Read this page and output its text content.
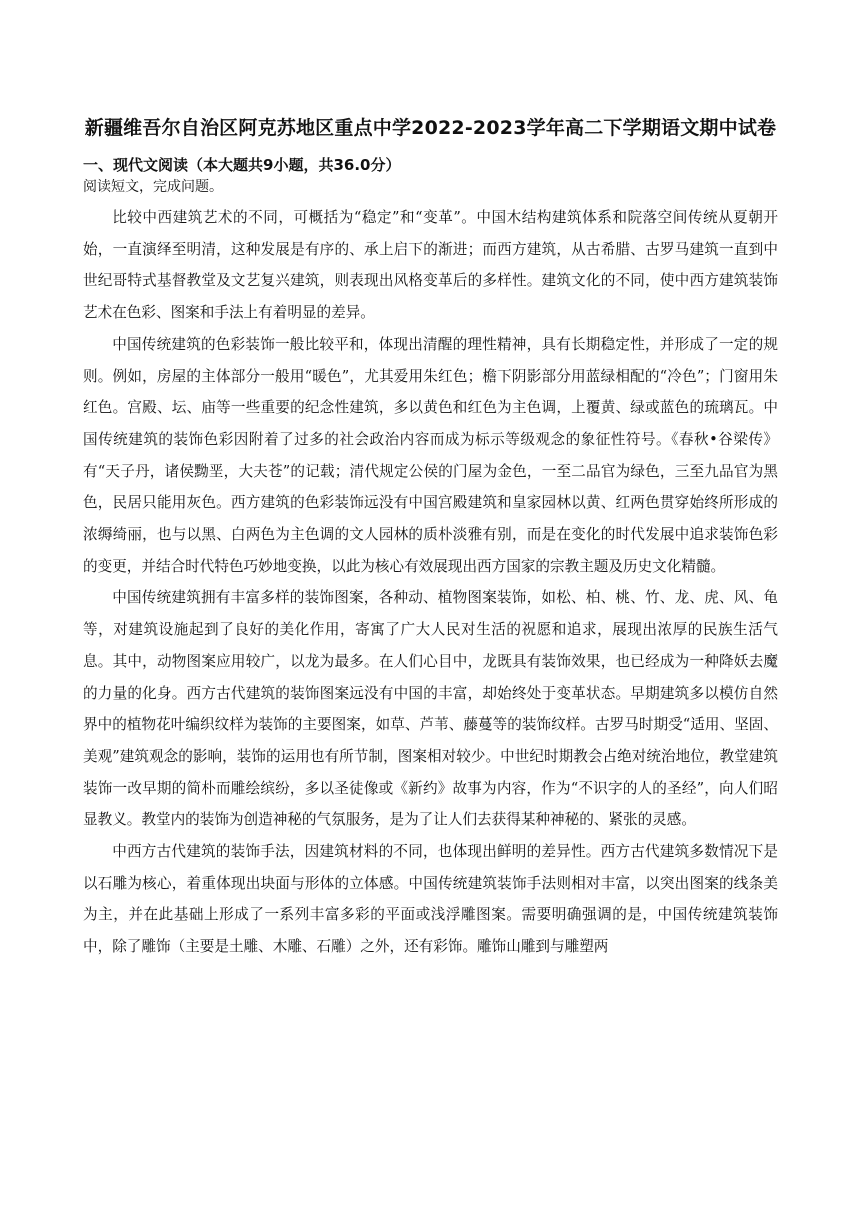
新疆维吾尔自治区阿克苏地区重点中学2022-2023学年高二下学期语文期中试卷
一、现代文阅读（本大题共9小题，共36.0分）

阅读短文，完成问题。

比较中西建筑艺术的不同，可概括为“稳定”和“变革”。中国木结构建筑体系和院落空间传统从夏朝开始，一直演绎至明清，这种发展是有序的、承上启下的渐进；而西方建筑，从古希腊、古罗马建筑一直到中世纪哥特式基督教堂及文艺复兴建筑，则表现出风格变革后的多样性。建筑文化的不同，使中西方建筑装饰艺术在色彩、图案和手法上有着明显的差异。

中国传统建筑的色彩装饰一般比较平和，体现出清醒的理性精神，具有长期稳定性，并形成了一定的规则。例如，房屋的主体部分一般用“暖色”，尤其爱用朱红色；檐下阴影部分用蓝绿相配的“冷色”；门窗用朱红色。宫殿、坛、庙等一些重要的纪念性建筑，多以黄色和红色为主色调，上覆黄、绿或蓝色的琉璃瓦。中国传统建筑的装饰色彩因附着了过多的社会政治内容而成为标示等级观念的象征性符号。《春秋•谷梁传》有“天子丹，诸侯黝垩，大夫苍”的记载；清代规定公侯的门屋为金色，一至二品官为绿色，三至九品官为黑色，民居只能用灰色。西方建筑的色彩装饰远没有中国宫殿建筑和皇家园林以黄、红两色贯穿始终所形成的浓缛绮丽，也与以黑、白两色为主色调的文人园林的质朴淡雅有别，而是在变化的时代发展中追求装饰色彩的变更，并结合时代特色巧妙地变换，以此为核心有效展现出西方国家的宗教主题及历史文化精髓。

中国传统建筑拥有丰富多样的装饰图案，各种动、植物图案装饰，如松、柏、桃、竹、龙、虎、风、龟等，对建筑设施起到了良好的美化作用，寄寓了广大人民对生活的祝愿和追求，展现出浓厚的民族生活气息。其中，动物图案应用较广，以龙为最多。在人们心目中，龙既具有装饰效果，也已经成为一种降妖去魔的力量的化身。西方古代建筑的装饰图案远没有中国的丰富，却始终处于变革状态。早期建筑多以模仿自然界中的植物花叶编织纹样为装饰的主要图案，如草、芦苇、藤蔓等的装饰纹样。古罗马时期受“适用、坚固、美观”建筑观念的影响，装饰的运用也有所节制，图案相对较少。中世纪时期教会占绝对统治地位，教堂建筑装饰一改早期的简朴而雕绘缤纷，多以圣徒像或《新约》故事为内容，作为“不识字的人的圣经”，向人们昭显教义。教堂内的装饰为创造神秘的气氛服务，是为了让人们去获得某种神秘的、紧张的灵感。

中西方古代建筑的装饰手法，因建筑材料的不同，也体现出鲜明的差异性。西方古代建筑多数情况下是以石雕为核心，着重体现出块面与形体的立体感。中国传统建筑装饰手法则相对丰富，以突出图案的线条美为主，并在此基础上形成了一系列丰富多彩的平面或浅浮雕图案。需要明确强调的是，中国传统建筑装饰中，除了雕饰（主要是土雕、木雕、石雕）之外，还有彩饰。雕饰山雕到与雕塑两
